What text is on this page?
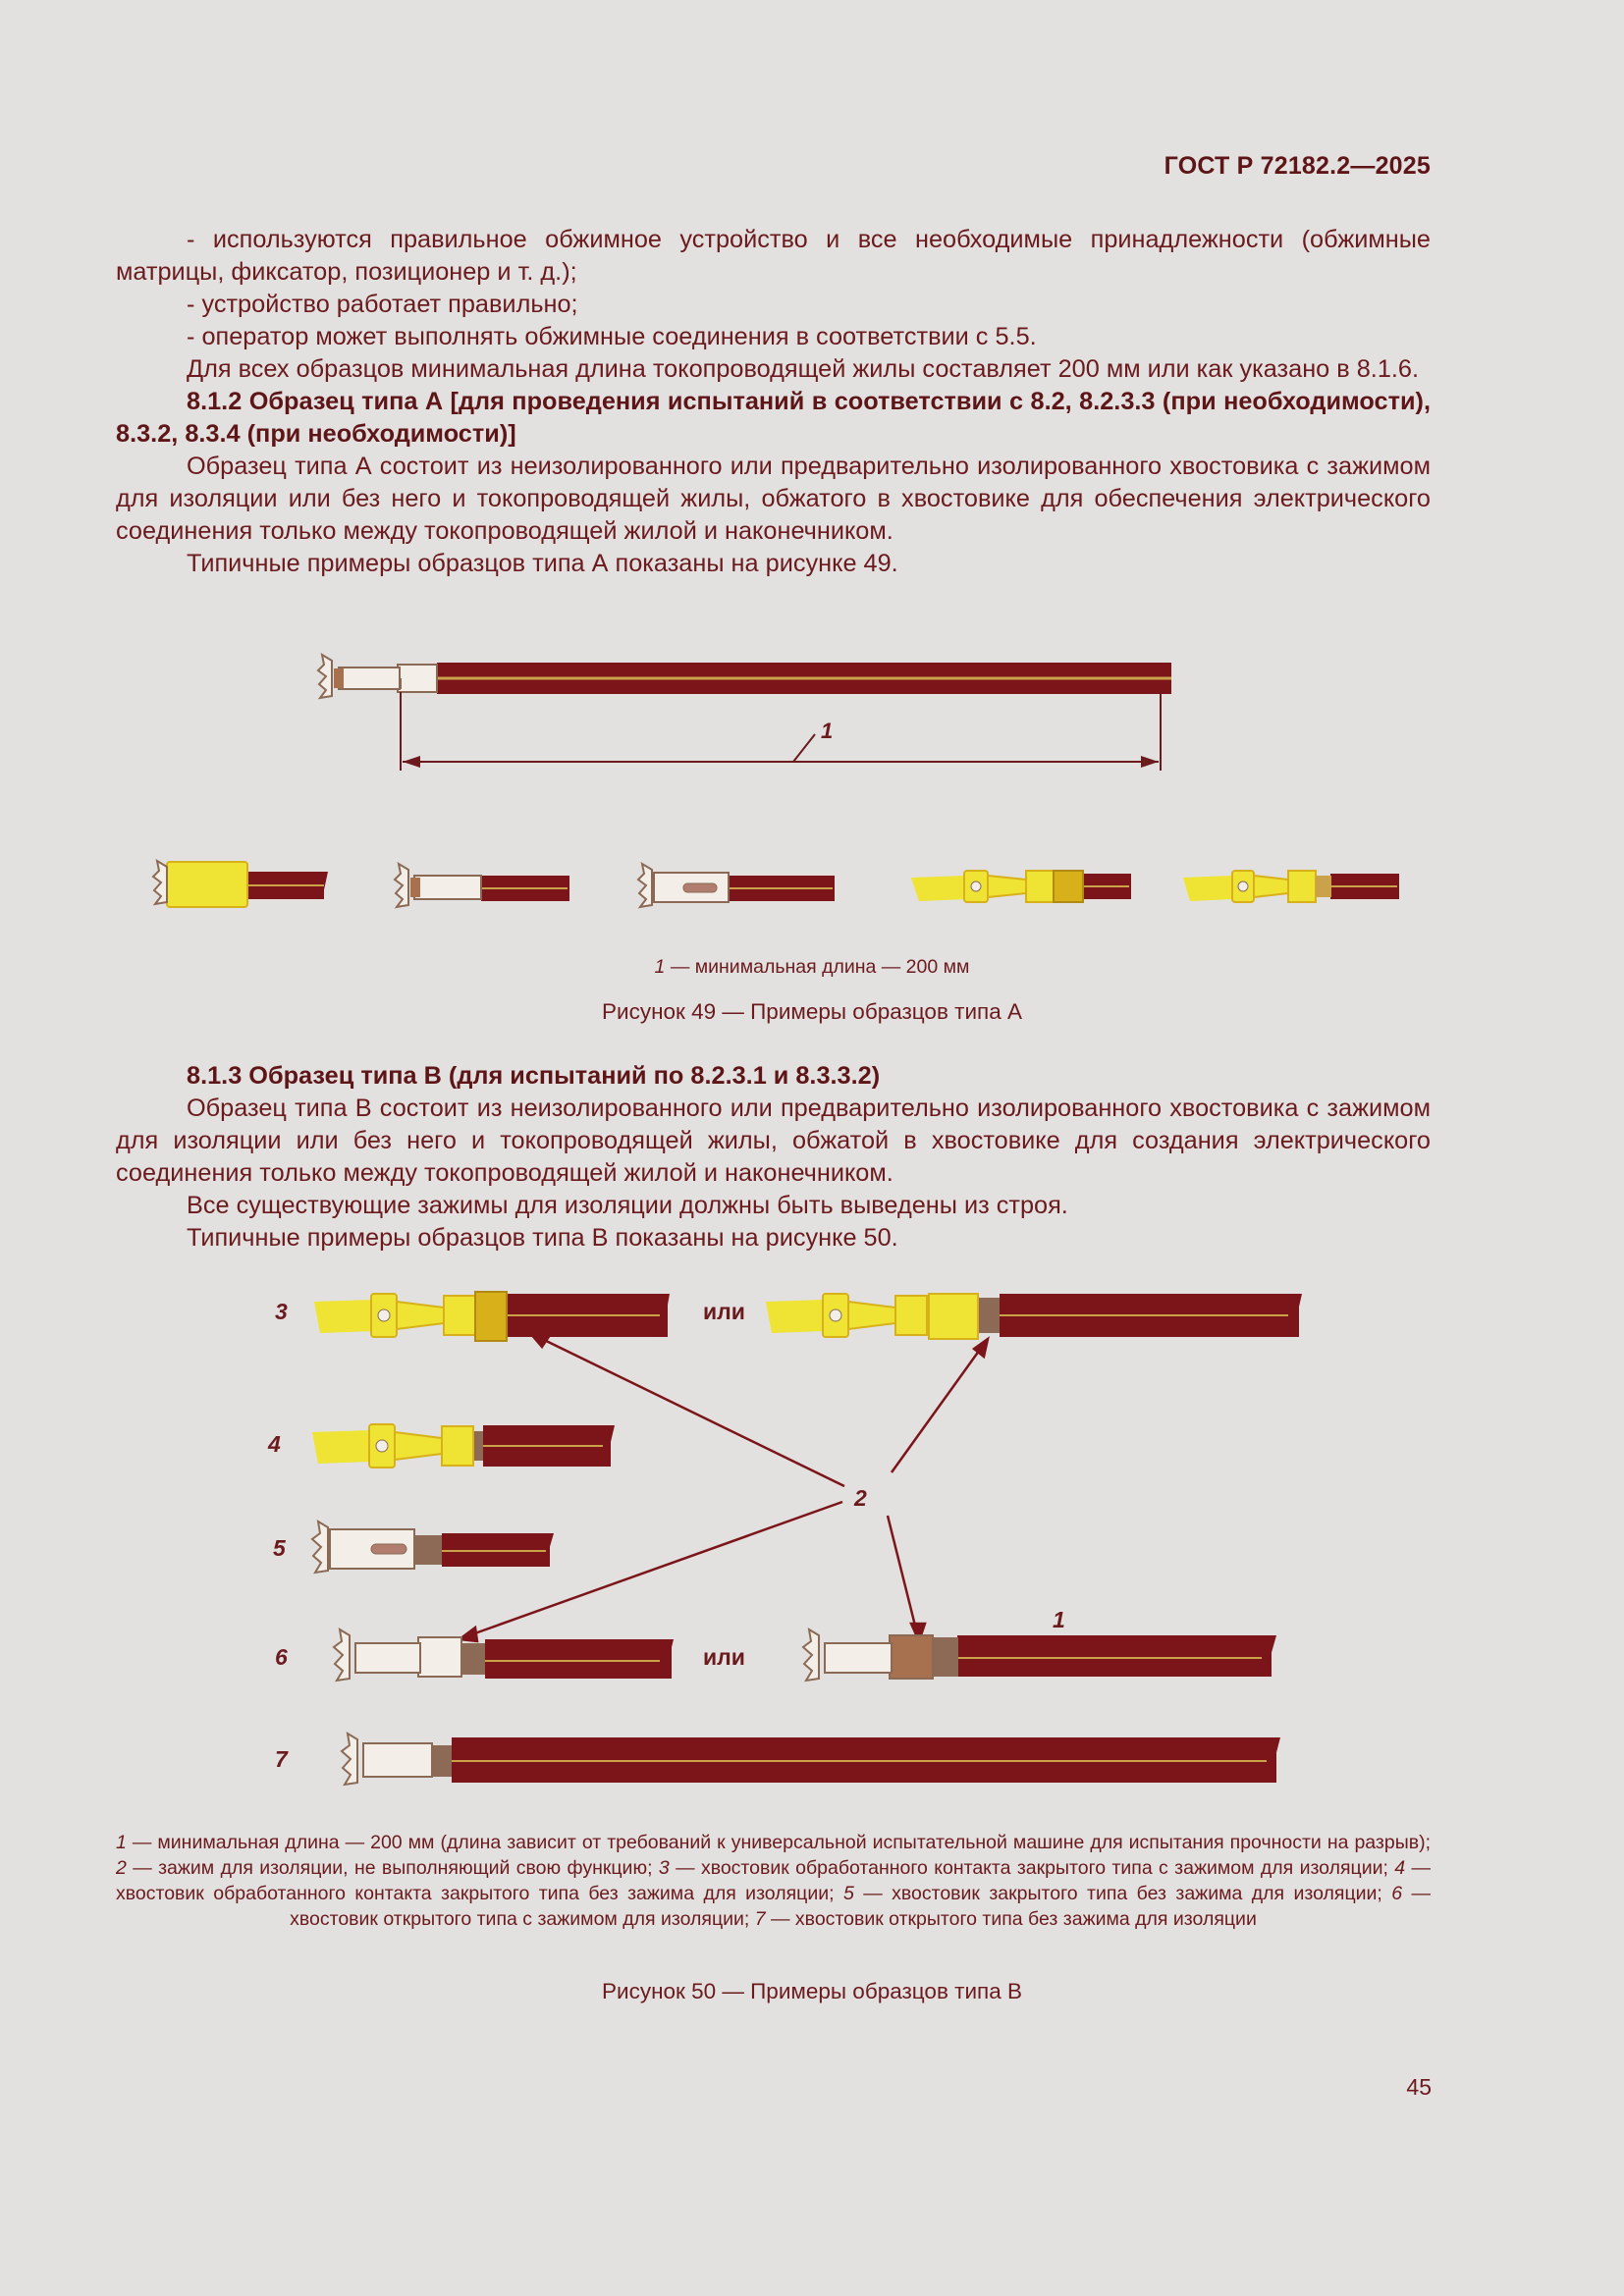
ГОСТ Р 72182.2—2025

- используются правильное обжимное устройство и все необходимые принадлежности (обжимные матрицы, фиксатор, позиционер и т. д.);

- устройство работает правильно;

- оператор может выполнять обжимные соединения в соответствии с 5.5.

Для всех образцов минимальная длина токопроводящей жилы составляет 200 мм или как указано в 8.1.6.

8.1.2 Образец типа А [для проведения испытаний в соответствии с 8.2, 8.2.3.3 (при необходимости), 8.3.2, 8.3.4 (при необходимости)]

Образец типа А состоит из неизолированного или предварительно изолированного хвостовика с зажимом для изоляции или без него и токопроводящей жилы, обжатого в хвостовике для обеспечения электрического соединения только между токопроводящей жилой и наконечником.

Типичные примеры образцов типа А показаны на рисунке 49.

1
1 — минимальная длина — 200 мм
Рисунок 49 — Примеры образцов типа А

8.1.3 Образец типа В (для испытаний по 8.2.3.1 и 8.3.3.2)

Образец типа В состоит из неизолированного или предварительно изолированного хвостовика с зажимом для изоляции или без него и токопроводящей жилы, обжатой в хвостовике для создания электрического соединения только между токопроводящей жилой и наконечником.

Все существующие зажимы для изоляции должны быть выведены из строя.

Типичные примеры образцов типа В показаны на рисунке 50.

3	или
4
2
5
6	или
1
7
1 — минимальная длина — 200 мм (длина зависит от требований к универсальной испытательной машине для испытания прочности на разрыв); 2 — зажим для изоляции, не выполняющий свою функцию; 3 — хвостовик обработанного контакта закрытого типа с зажимом для изоляции; 4 — хвостовик обработанного контакта закрытого типа без зажима для изоляции; 5 — хвостовик закрытого типа без зажима для изоляции; 6 — хвостовик открытого типа с зажимом для изоляции; 7 — хвостовик открытого типа без зажима для изоляции
Рисунок 50 — Примеры образцов типа В
45
